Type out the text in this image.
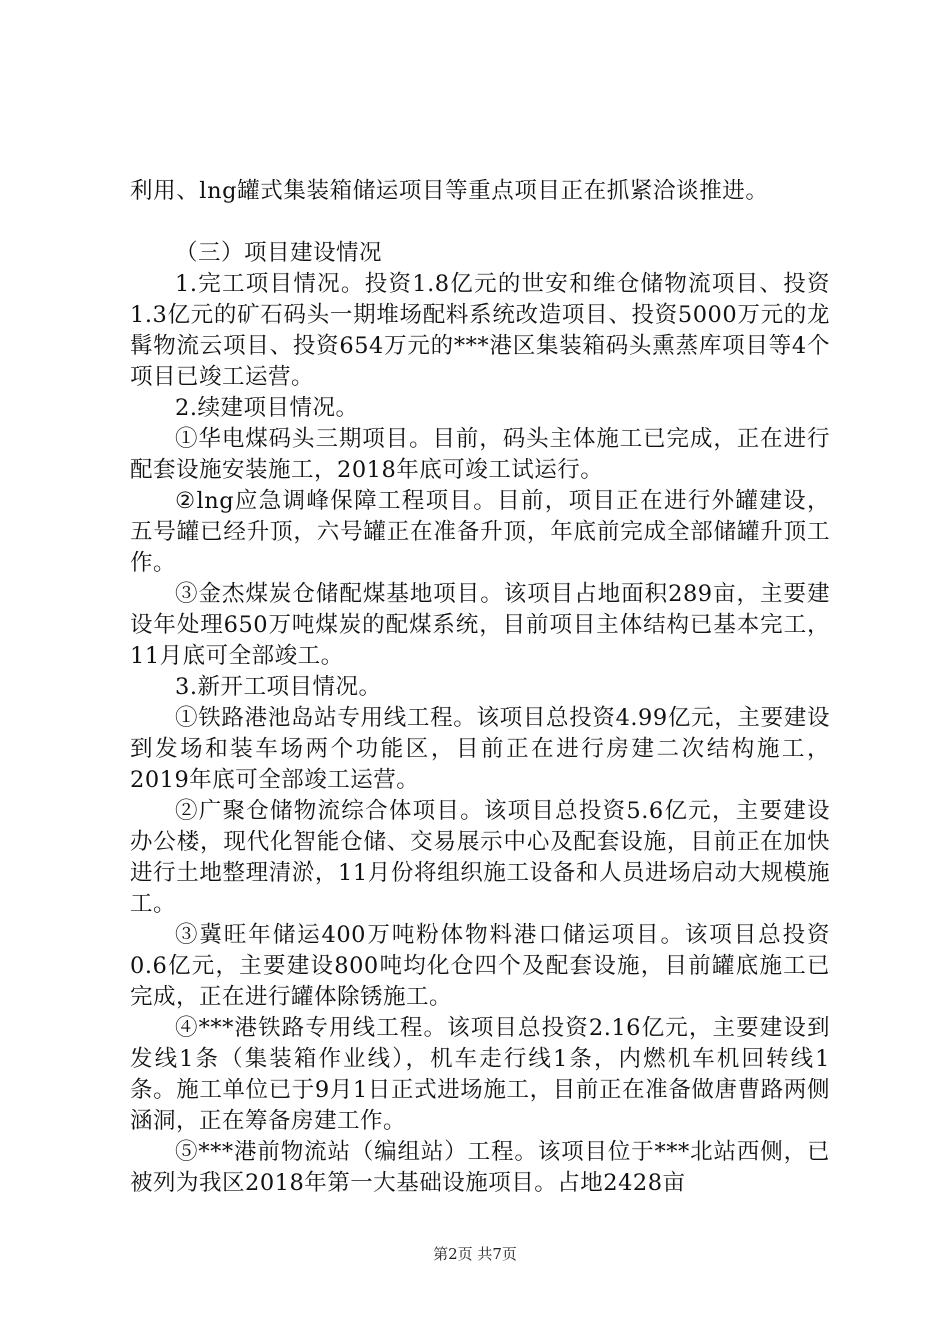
利用、lng罐式集装箱储运项目等重点项目正在抓紧洽谈推进。

（三）项目建设情况

1.完工项目情况。投资1.8亿元的世安和维仓储物流项目、投资1.3亿元的矿石码头一期堆场配料系统改造项目、投资5000万元的龙髯物流云项目、投资654万元的***港区集装箱码头熏蒸库项目等4个项目已竣工运营。

2.续建项目情况。

①华电煤码头三期项目。目前，码头主体施工已完成，正在进行配套设施安装施工，2018年底可竣工试运行。

②lng应急调峰保障工程项目。目前，项目正在进行外罐建设，五号罐已经升顶，六号罐正在准备升顶，年底前完成全部储罐升顶工作。

③金杰煤炭仓储配煤基地项目。该项目占地面积289亩，主要建设年处理650万吨煤炭的配煤系统，目前项目主体结构已基本完工，11月底可全部竣工。

3.新开工项目情况。

①铁路港池岛站专用线工程。该项目总投资4.99亿元，主要建设到发场和装车场两个功能区，目前正在进行房建二次结构施工，2019年底可全部竣工运营。

②广聚仓储物流综合体项目。该项目总投资5.6亿元，主要建设办公楼，现代化智能仓储、交易展示中心及配套设施，目前正在加快进行土地整理清淤，11月份将组织施工设备和人员进场启动大规模施工。

③冀旺年储运400万吨粉体物料港口储运项目。该项目总投资0.6亿元，主要建设800吨均化仓四个及配套设施，目前罐底施工已完成，正在进行罐体除锈施工。

④***港铁路专用线工程。该项目总投资2.16亿元，主要建设到发线1条（集装箱作业线），机车走行线1条，内燃机车机回转线1条。施工单位已于9月1日正式进场施工，目前正在准备做唐曹路两侧涵洞，正在筹备房建工作。

⑤***港前物流站（编组站）工程。该项目位于***北站西侧，已被列为我区2018年第一大基础设施项目。占地2428亩

第2页 共7页
